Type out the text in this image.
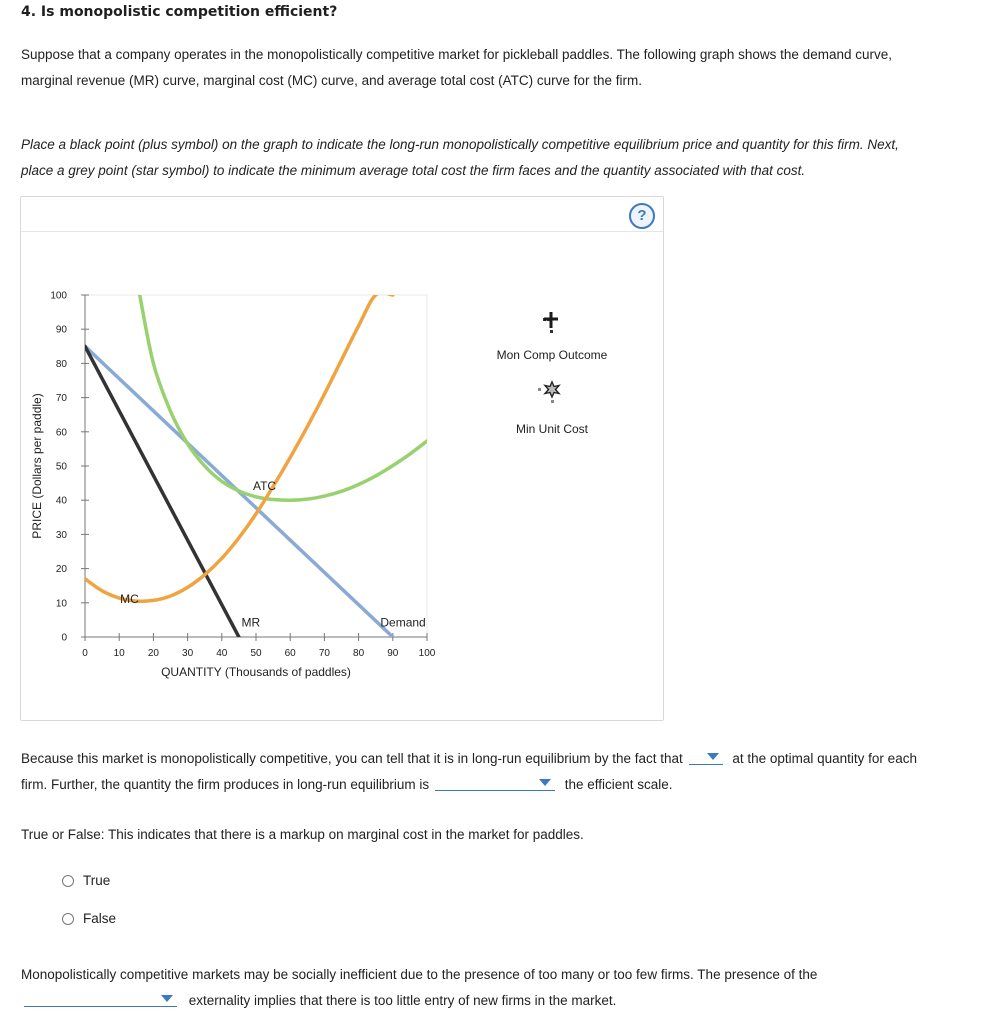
4. Is monopolistic competition efficient?
Suppose that a company operates in the monopolistically competitive market for pickleball paddles. The following graph shows the demand curve,
marginal revenue (MR) curve, marginal cost (MC) curve, and average total cost (ATC) curve for the firm.
Place a black point (plus symbol) on the graph to indicate the long-run monopolistically competitive equilibrium price and quantity for this firm. Next,
place a grey point (star symbol) to indicate the minimum average total cost the firm faces and the quantity associated with that cost.
?
0
10
20
30
40
50
60
70
80
90
100
0	10 20 30 40 50 60 70 80 90 100
QUANTITY (Thousands of paddles)
PRICE (Dollars per paddle)
Demand
MR
ATC
MC
Mon Comp Outcome
Min Unit Cost
Because this market is monopolistically competitive, you can tell that it is in long-run equilibrium by the fact that	at the optimal quantity for each
firm. Further, the quantity the firm produces in long-run equilibrium is	the efficient scale.
True or False: This indicates that there is a markup on marginal cost in the market for paddles.
True
False
Monopolistically competitive markets may be socially inefficient due to the presence of too many or too few firms. The presence of the
externality implies that there is too little entry of new firms in the market.
